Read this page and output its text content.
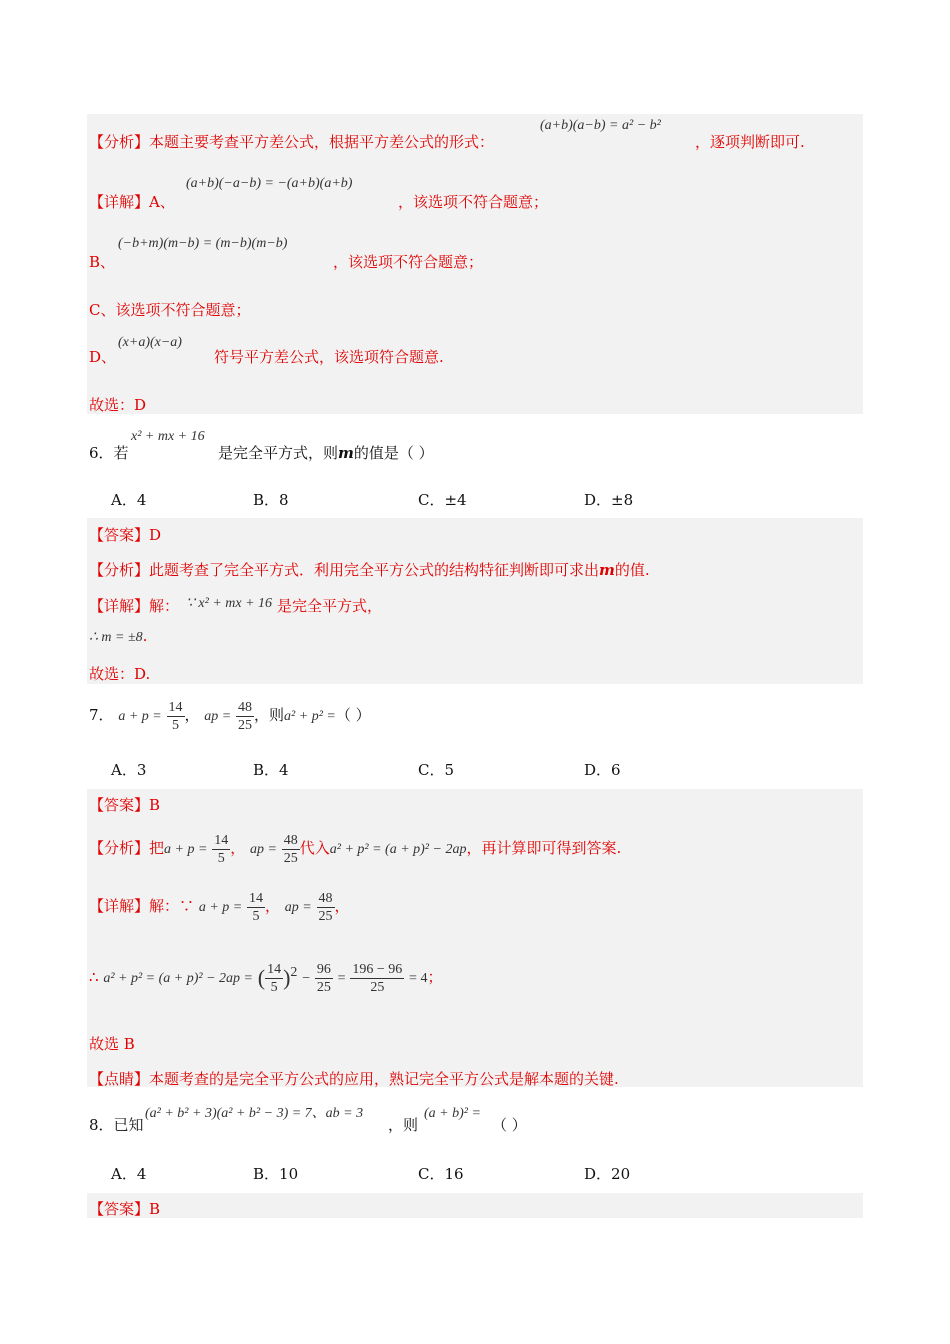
【分析】本题主要考查平方差公式，根据平方差公式的形式：
(a+b)(a−b) = a² − b²
，逐项判断即可.
(a+b)(−a−b) = −(a+b)(a+b)
【详解】A、	，该选项不符合题意；
(−b+m)(m−b) = (m−b)(m−b)
B、	，该选项不符合题意；
C、该选项不符合题意；
(x+a)(x−a)
D、	符号平方差公式，该选项符合题意.
故选：D
6．若
x² + mx + 16
是完全平方式，则m的值是（ ）
A．4	B．8	C．±4	D．±8
【答案】D
【分析】此题考查了完全平方式．利用完全平方公式的结构特征判断即可求出m的值.
【详解】解： ∵ x² + mx + 16 是完全平方式，
∴ m = ±8.
故选：D.
7． $a + p = \frac{14}{5}$ ， ap = $\frac{48}{25}$ ，则a² + p² =（ ）
A．3	B．4	C．5	D．6
【答案】B
【分析】把$a + p = \frac{14}{5}$ ， ap = $\frac{48}{25}$ 代入a² + p² = (a + p)² − 2ap，再计算即可得到答案.
【详解】解：∵ $a + p = \frac{14}{5}$ ， ap = $\frac{48}{25}$ ，
∴ a² + p² = (a + p)² − 2ap = ( $\frac{14}{5} )^2 - \frac{96}{25} = \frac{196 - 96}{25} = 4$；
故选 B
【点睛】本题考查的是完全平方公式的应用，熟记完全平方公式是解本题的关键.
8．已知
(a² + b² + 3)(a² + b² − 3) = 7、ab = 3
，则
(a + b)² =
（ ）
A．4	B．10	C．16	D．20
【答案】B
